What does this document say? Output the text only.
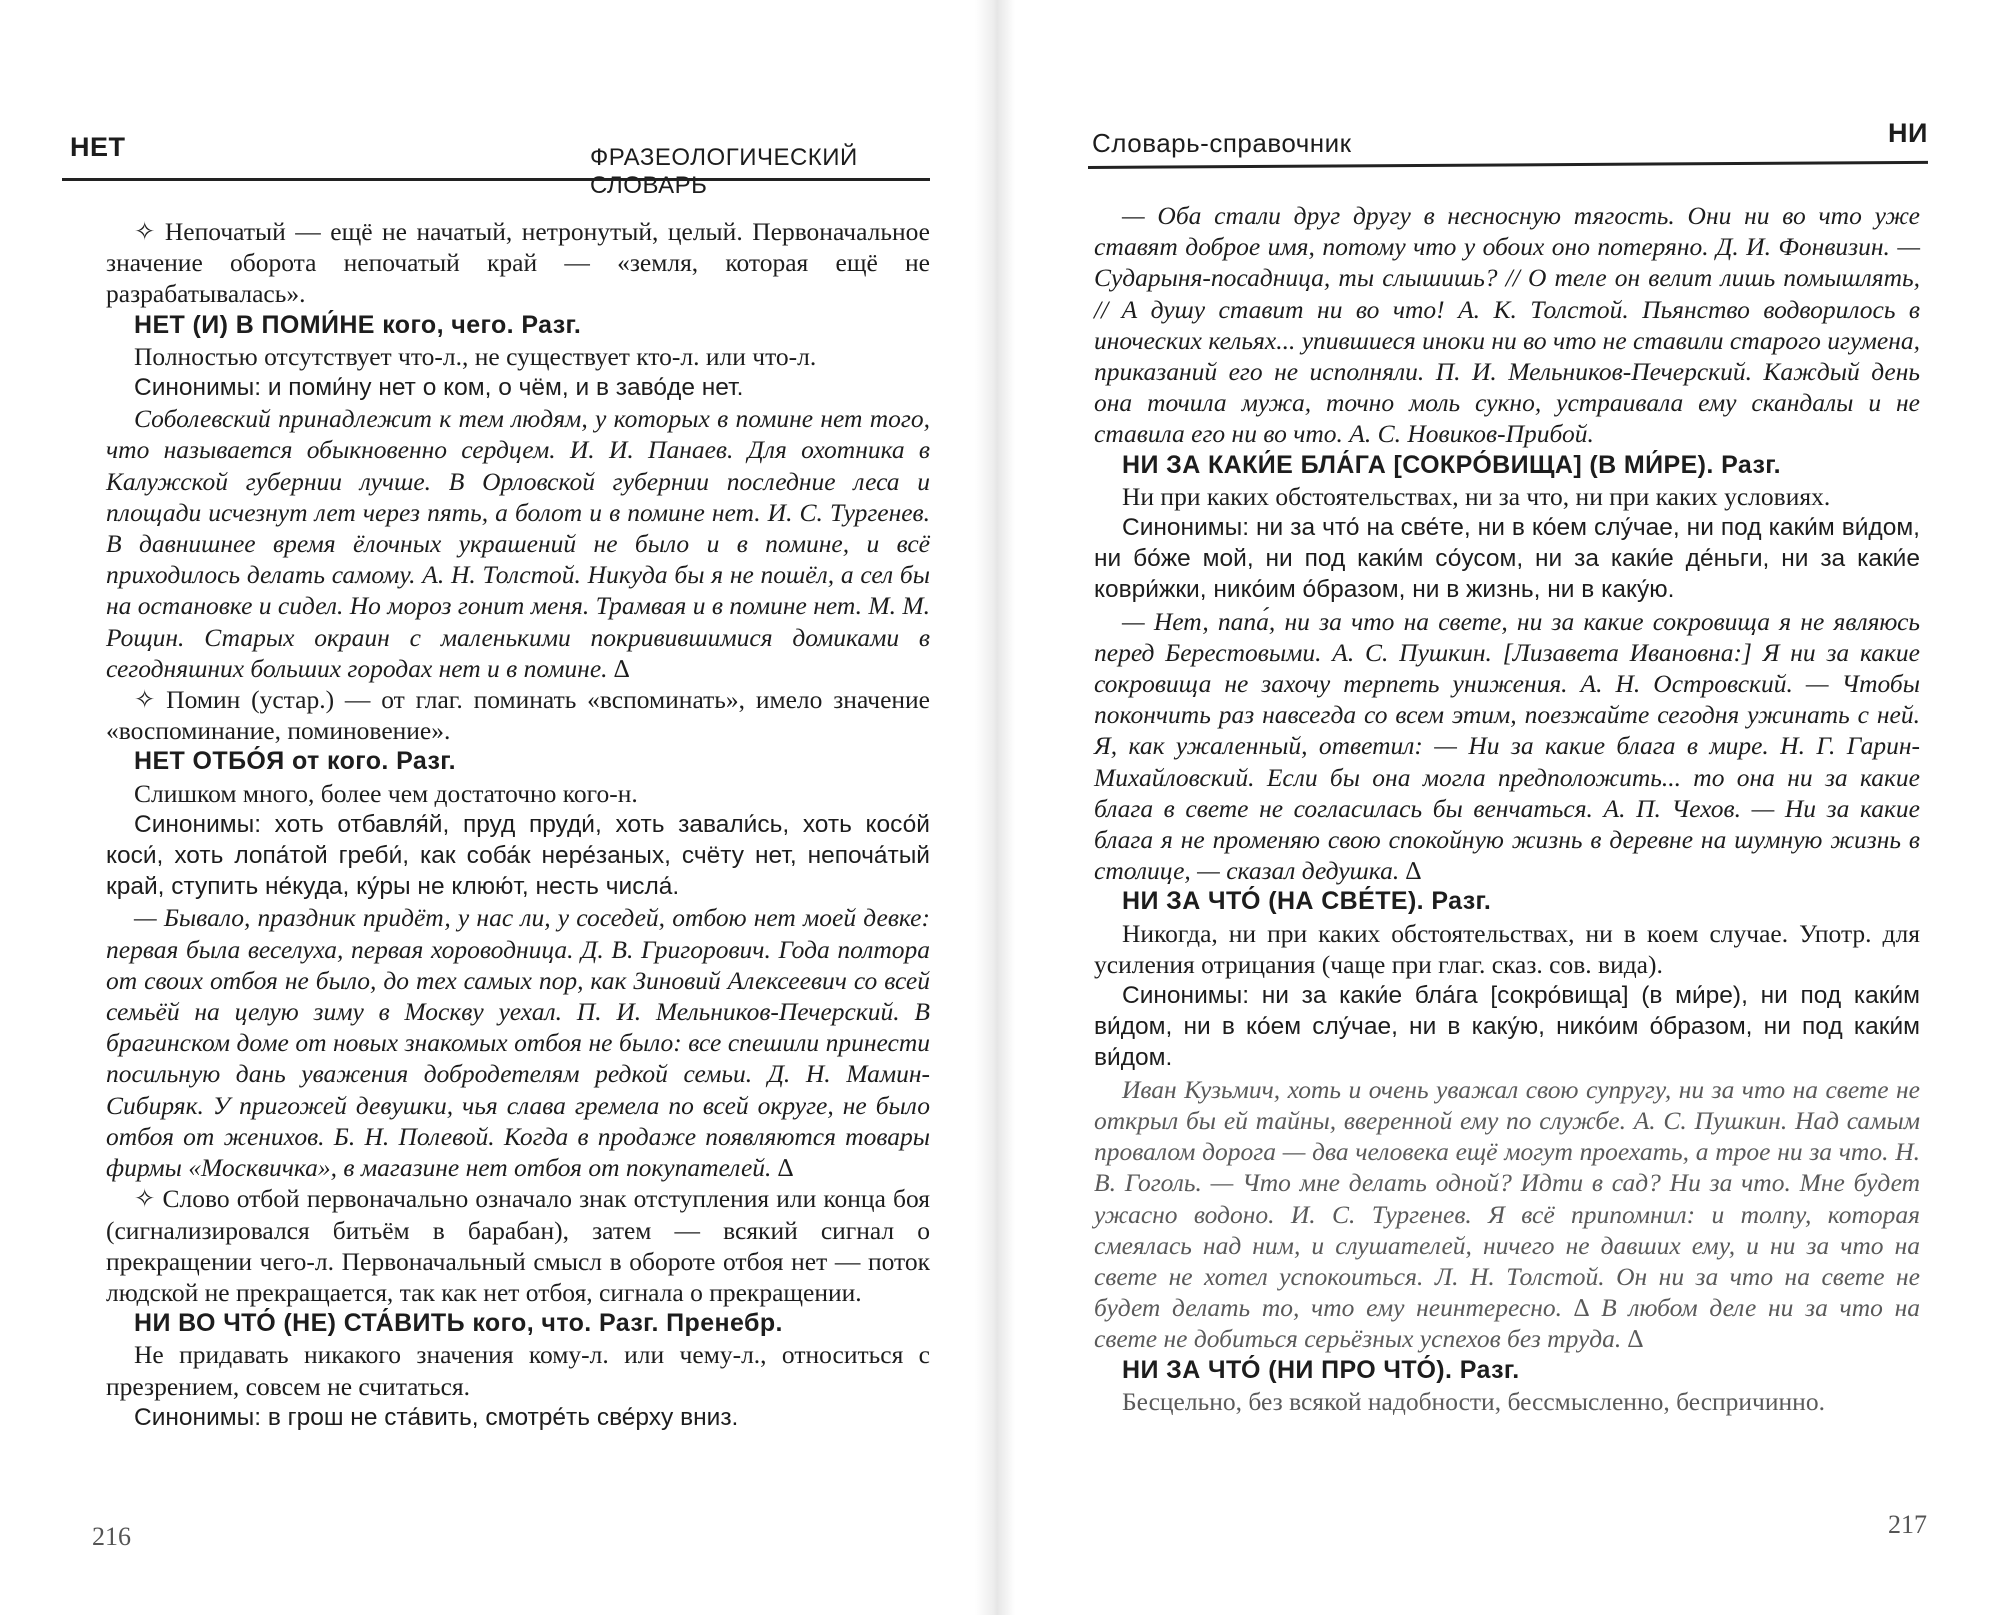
НЕТ	ФРАЗЕОЛОГИЧЕСКИЙ СЛОВАРЬ

✧ Непочатый — ещё не начатый, нетронутый, целый. Первоначальное значение оборота непочатый край — «земля, которая ещё не разрабатывалась».

НЕТ (И) В ПОМИ́НЕ кого, чего. Разг.

Полностью отсутствует что-л., не существует кто-л. или что-л.

Синонимы: и поми́ну нет о ком, о чём, и в заво́де нет.

Соболевский принадлежит к тем людям, у которых в помине нет того, что называется обыкновенно сердцем. И. И. Панаев. Для охотника в Калужской губернии лучше. В Орловской губернии последние леса и площади исчезнут лет через пять, а болот и в помине нет. И. С. Тургенев. В давнишнее время ёлочных украшений не было и в помине, и всё приходилось делать самому. А. Н. Толстой. Никуда бы я не пошёл, а сел бы на остановке и сидел. Но мороз гонит меня. Трамвая и в помине нет. М. М. Рощин. Старых окраин с маленькими покривившимися домиками в сегодняшних больших городах нет и в помине. ∆

✧ Помин (устар.) — от глаг. поминать «вспоминать», имело значение «воспоминание, поминовение».

НЕТ ОТБО́Я от кого. Разг.

Слишком много, более чем достаточно кого-н.

Синонимы: хоть отбавля́й, пруд пруди́, хоть завали́сь, хоть косо́й коси́, хоть лопа́той греби́, как соба́к нере́заных, счёту нет, непоча́тый край, ступить не́куда, ку́ры не клюю́т, несть числа́.

— Бывало, праздник придёт, у нас ли, у соседей, отбою нет моей девке: первая была веселуха, первая хороводница. Д. В. Григорович. Года полтора от своих отбоя не было, до тех самых пор, как Зиновий Алексеевич со всей семьёй на целую зиму в Москву уехал. П. И. Мельников-Печерский. В брагинском доме от новых знакомых отбоя не было: все спешили принести посильную дань уважения добродетелям редкой семьи. Д. Н. Мамин-Сибиряк. У пригожей девушки, чья слава гремела по всей округе, не было отбоя от женихов. Б. Н. Полевой. Когда в продаже появляются товары фирмы «Москвичка», в магазине нет отбоя от покупателей. ∆

✧ Слово отбой первоначально означало знак отступления или конца боя (сигнализировался битьём в барабан), затем — всякий сигнал о прекращении чего-л. Первоначальный смысл в обороте отбоя нет — поток людской не прекращается, так как нет отбоя, сигнала о прекращении.

НИ ВО ЧТО́ (НЕ) СТА́ВИТЬ кого, что. Разг. Пренебр.

Не придавать никакого значения кому-л. или чему-л., относиться с презрением, совсем не считаться.

Синонимы: в грош не ста́вить, смотре́ть све́рху вниз.

216
Словарь-справочник	НИ

— Оба стали друг другу в несносную тягость. Они ни во что уже ставят доброе имя, потому что у обоих оно потеряно. Д. И. Фонвизин. — Сударыня-посадница, ты слышишь? // О теле он велит лишь помышлять, // А душу ставит ни во что! А. К. Толстой. Пьянство водворилось в иноческих кельях... упившиеся иноки ни во что не ставили старого игумена, приказаний его не исполняли. П. И. Мельников-Печерский. Каждый день она точила мужа, точно моль сукно, устраивала ему скандалы и не ставила его ни во что. А. С. Новиков-Прибой.

НИ ЗА КАКИ́Е БЛА́ГА [СОКРО́ВИЩА] (В МИ́РЕ). Разг.

Ни при каких обстоятельствах, ни за что, ни при каких условиях.

Синонимы: ни за что́ на све́те, ни в ко́ем слу́чае, ни под каки́м ви́дом, ни бо́же мой, ни под каки́м со́усом, ни за каки́е де́ньги, ни за каки́е коври́жки, нико́им о́бразом, ни в жизнь, ни в каку́ю.

— Нет, папа́, ни за что на свете, ни за какие сокровища я не являюсь перед Берестовыми. А. С. Пушкин. [Лизавета Ивановна:] Я ни за какие сокровища не захочу терпеть унижения. А. Н. Островский. — Чтобы покончить раз навсегда со всем этим, поезжайте сегодня ужинать с ней. Я, как ужаленный, ответил: — Ни за какие блага в мире. Н. Г. Гарин-Михайловский. Если бы она могла предположить... то она ни за какие блага в свете не согласилась бы венчаться. А. П. Чехов. — Ни за какие блага я не променяю свою спокойную жизнь в деревне на шумную жизнь в столице, — сказал дедушка. ∆

НИ ЗА ЧТО́ (НА СВЕ́ТЕ). Разг.

Никогда, ни при каких обстоятельствах, ни в коем случае. Употр. для усиления отрицания (чаще при глаг. сказ. сов. вида).

Синонимы: ни за каки́е бла́га [сокро́вища] (в ми́ре), ни под каки́м ви́дом, ни в ко́ем слу́чае, ни в каку́ю, нико́им о́бразом, ни под каки́м ви́дом.

Иван Кузьмич, хоть и очень уважал свою супругу, ни за что на свете не открыл бы ей тайны, вверенной ему по службе. А. С. Пушкин. Над самым провалом дорога — два человека ещё могут проехать, а трое ни за что. Н. В. Гоголь. — Что мне делать одной? Идти в сад? Ни за что. Мне будет ужасно водоно. И. С. Тургенев. Я всё припомнил: и толпу, которая смеялась над ним, и слушателей, ничего не давших ему, и ни за что на свете не хотел успокоиться. Л. Н. Толстой. Он ни за что на свете не будет делать то, что ему неинтересно. ∆ В любом деле ни за что на свете не добиться серьёзных успехов без труда. ∆

НИ ЗА ЧТО́ (НИ ПРО ЧТО́). Разг.

Бесцельно, без всякой надобности, бессмысленно, беспричинно.

217
